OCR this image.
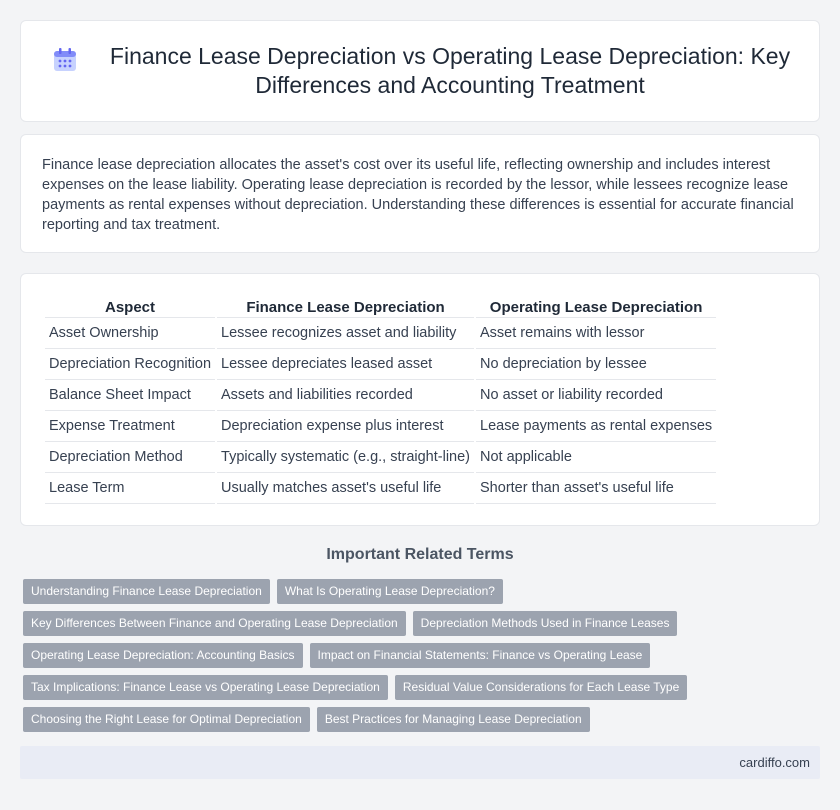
Finance Lease Depreciation vs Operating Lease Depreciation: Key Differences and Accounting Treatment

Finance lease depreciation allocates the asset's cost over its useful life, reflecting ownership and includes interest expenses on the lease liability. Operating lease depreciation is recorded by the lessor, while lessees recognize lease payments as rental expenses without depreciation. Understanding these differences is essential for accurate financial reporting and tax treatment.

Aspect	Finance Lease Depreciation	Operating Lease Depreciation
Asset Ownership	Lessee recognizes asset and liability	Asset remains with lessor
Depreciation Recognition	Lessee depreciates leased asset	No depreciation by lessee
Balance Sheet Impact	Assets and liabilities recorded	No asset or liability recorded
Expense Treatment	Depreciation expense plus interest	Lease payments as rental expenses
Depreciation Method	Typically systematic (e.g., straight-line)	Not applicable
Lease Term	Usually matches asset's useful life	Shorter than asset's useful life
Important Related Terms
Understanding Finance Lease Depreciation	What Is Operating Lease Depreciation?
Key Differences Between Finance and Operating Lease Depreciation	Depreciation Methods Used in Finance Leases
Operating Lease Depreciation: Accounting Basics	Impact on Financial Statements: Finance vs Operating Lease
Tax Implications: Finance Lease vs Operating Lease Depreciation	Residual Value Considerations for Each Lease Type
Choosing the Right Lease for Optimal Depreciation	Best Practices for Managing Lease Depreciation
cardiffo.com
